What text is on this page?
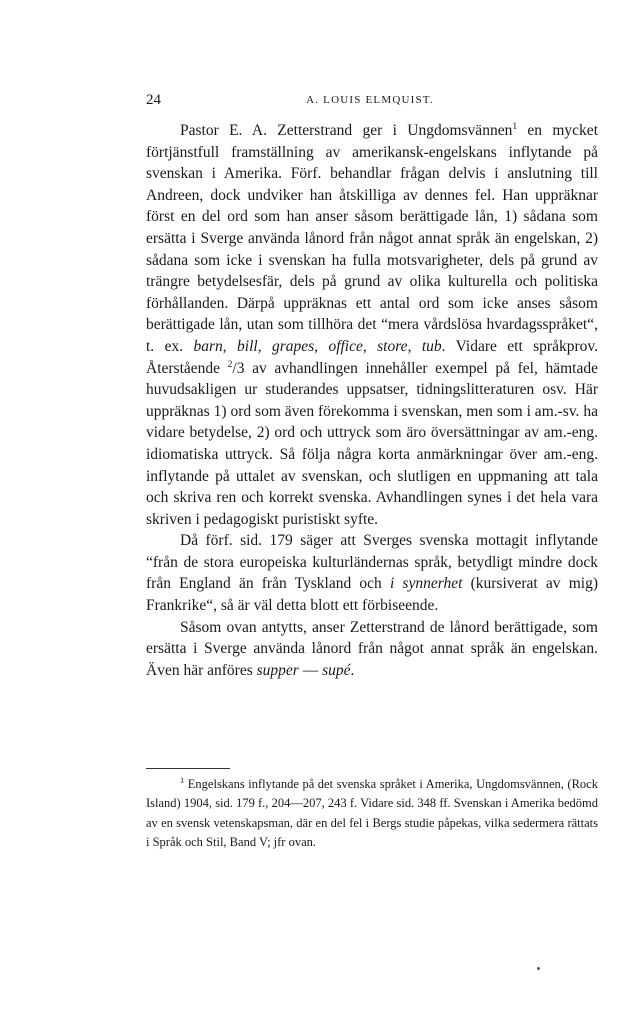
24	A. LOUIS ELMQUIST.

Pastor E. A. Zetterstrand ger i Ungdomsvännen$^1$ en mycket förtjänstfull framställning av amerikansk-engelskans inflytande på svenskan i Amerika. Förf. behandlar frågan delvis i anslutning till Andreen, dock undviker han åtskilliga av dennes fel. Han uppräknar först en del ord som han anser såsom berättigade lån, 1) sådana som ersätta i Sverge använda lånord från något annat språk än engelskan, 2) sådana som icke i svenskan ha fulla motsvarigheter, dels på grund av trängre betydelsesfär, dels på grund av olika kulturella och politiska förhållanden. Därpå uppräknas ett antal ord som icke anses såsom berättigade lån, utan som tillhöra det “mera vårdslösa hvardagsspråket“, t. ex. barn, bill, grapes, office, store, tub. Vidare ett språkprov. Återstående $^2$/3 av avhandlingen innehåller exempel på fel, hämtade huvudsakligen ur studerandes uppsatser, tidningslitteraturen osv. Här uppräknas 1) ord som även förekomma i svenskan, men som i am.-sv. ha vidare betydelse, 2) ord och uttryck som äro översättningar av am.-eng. idiomatiska uttryck. Så följa några korta anmärkningar över am.-eng. inflytande på uttalet av svenskan, och slutligen en uppmaning att tala och skriva ren och korrekt svenska. Avhandlingen synes i det hela vara skriven i pedagogiskt puristiskt syfte.

Då förf. sid. 179 säger att Sverges svenska mottagit inflytande “från de stora europeiska kulturländernas språk, betydligt mindre dock från England än från Tyskland och i synnerhet (kursiverat av mig) Frankrike“, så är väl detta blott ett förbiseende.

Såsom ovan antytts, anser Zetterstrand de lånord berättigade, som ersätta i Sverge använda lånord från något annat språk än engelskan. Även här anföres supper — supé.

$^1$ Engelskans inflytande på det svenska språket i Amerika, Ungdomsvännen, (Rock Island) 1904, sid. 179 f., 204—207, 243 f. Vidare sid. 348 ff. Svenskan i Amerika bedömd av en svensk vetenskapsman, där en del fel i Bergs studie påpekas, vilka sedermera rättats i Språk och Stil, Band V; jfr ovan.
